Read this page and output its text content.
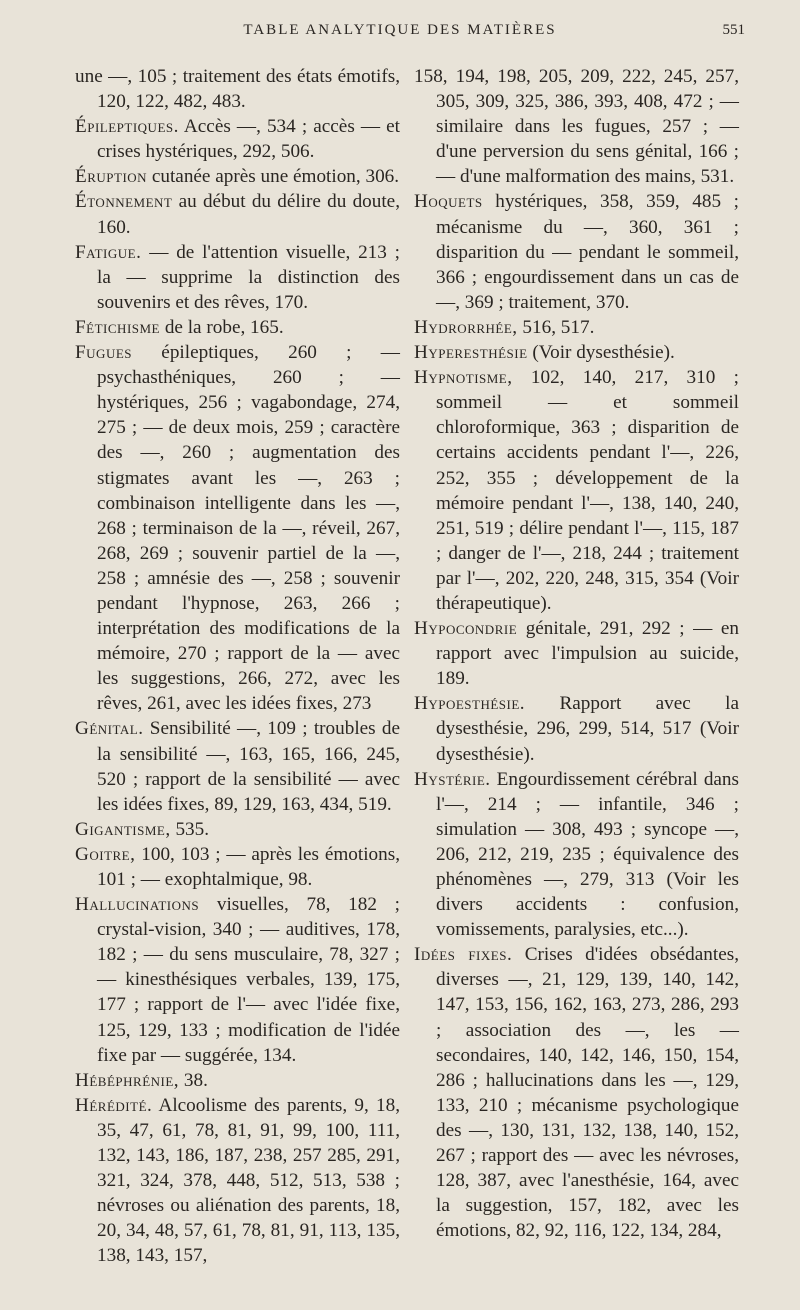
TABLE ANALYTIQUE DES MATIÈRES	551

une —, 105 ; traitement des états émotifs, 120, 122, 482, 483.

Épileptiques. Accès —, 534 ; accès — et crises hystériques, 292, 506.

Éruption cutanée après une émotion, 306.

Étonnement au début du délire du doute, 160.

Fatigue. — de l'attention visuelle, 213 ; la — supprime la distinction des souvenirs et des rêves, 170.

Fétichisme de la robe, 165.

Fugues épileptiques, 260 ; — psychasthéniques, 260 ; — hystériques, 256 ; vagabondage, 274, 275 ; — de deux mois, 259 ; caractère des —, 260 ; augmentation des stigmates avant les —, 263 ; combinaison intelligente dans les —, 268 ; terminaison de la —, réveil, 267, 268, 269 ; souvenir partiel de la —, 258 ; amnésie des —, 258 ; souvenir pendant l'hypnose, 263, 266 ; interprétation des modifications de la mémoire, 270 ; rapport de la — avec les suggestions, 266, 272, avec les rêves, 261, avec les idées fixes, 273

Génital. Sensibilité —, 109 ; troubles de la sensibilité —, 163, 165, 166, 245, 520 ; rapport de la sensibilité — avec les idées fixes, 89, 129, 163, 434, 519.

Gigantisme, 535.

Goitre, 100, 103 ; — après les émotions, 101 ; — exophtalmique, 98.

Hallucinations visuelles, 78, 182 ; crystal-vision, 340 ; — auditives, 178, 182 ; — du sens musculaire, 78, 327 ; — kinesthésiques verbales, 139, 175, 177 ; rapport de l'— avec l'idée fixe, 125, 129, 133 ; modification de l'idée fixe par — suggérée, 134.

Hébéphrénie, 38.

Hérédité. Alcoolisme des parents, 9, 18, 35, 47, 61, 78, 81, 91, 99, 100, 111, 132, 143, 186, 187, 238, 257 285, 291, 321, 324, 378, 448, 512, 513, 538 ; névroses ou aliénation des parents, 18, 20, 34, 48, 57, 61, 78, 81, 91, 113, 135, 138, 143, 157,

158, 194, 198, 205, 209, 222, 245, 257, 305, 309, 325, 386, 393, 408, 472 ; — similaire dans les fugues, 257 ; — d'une perversion du sens génital, 166 ; — d'une malformation des mains, 531.

Hoquets hystériques, 358, 359, 485 ; mécanisme du —, 360, 361 ; disparition du — pendant le sommeil, 366 ; engourdissement dans un cas de —, 369 ; traitement, 370.

Hydrorrhée, 516, 517.

Hyperesthésie (Voir dysesthésie).

Hypnotisme, 102, 140, 217, 310 ; sommeil — et sommeil chloroformique, 363 ; disparition de certains accidents pendant l'—, 226, 252, 355 ; développement de la mémoire pendant l'—, 138, 140, 240, 251, 519 ; délire pendant l'—, 115, 187 ; danger de l'—, 218, 244 ; traitement par l'—, 202, 220, 248, 315, 354 (Voir thérapeutique).

Hypocondrie génitale, 291, 292 ; — en rapport avec l'impulsion au suicide, 189.

Hypoesthésie. Rapport avec la dysesthésie, 296, 299, 514, 517 (Voir dysesthésie).

Hystérie. Engourdissement cérébral dans l'—, 214 ; — infantile, 346 ; simulation — 308, 493 ; syncope —, 206, 212, 219, 235 ; équivalence des phénomènes —, 279, 313 (Voir les divers accidents : confusion, vomissements, paralysies, etc...).

Idées fixes. Crises d'idées obsédantes, diverses —, 21, 129, 139, 140, 142, 147, 153, 156, 162, 163, 273, 286, 293 ; association des —, les — secondaires, 140, 142, 146, 150, 154, 286 ; hallucinations dans les —, 129, 133, 210 ; mécanisme psychologique des —, 130, 131, 132, 138, 140, 152, 267 ; rapport des — avec les névroses, 128, 387, avec l'anesthésie, 164, avec la suggestion, 157, 182, avec les émotions, 82, 92, 116, 122, 134, 284,
